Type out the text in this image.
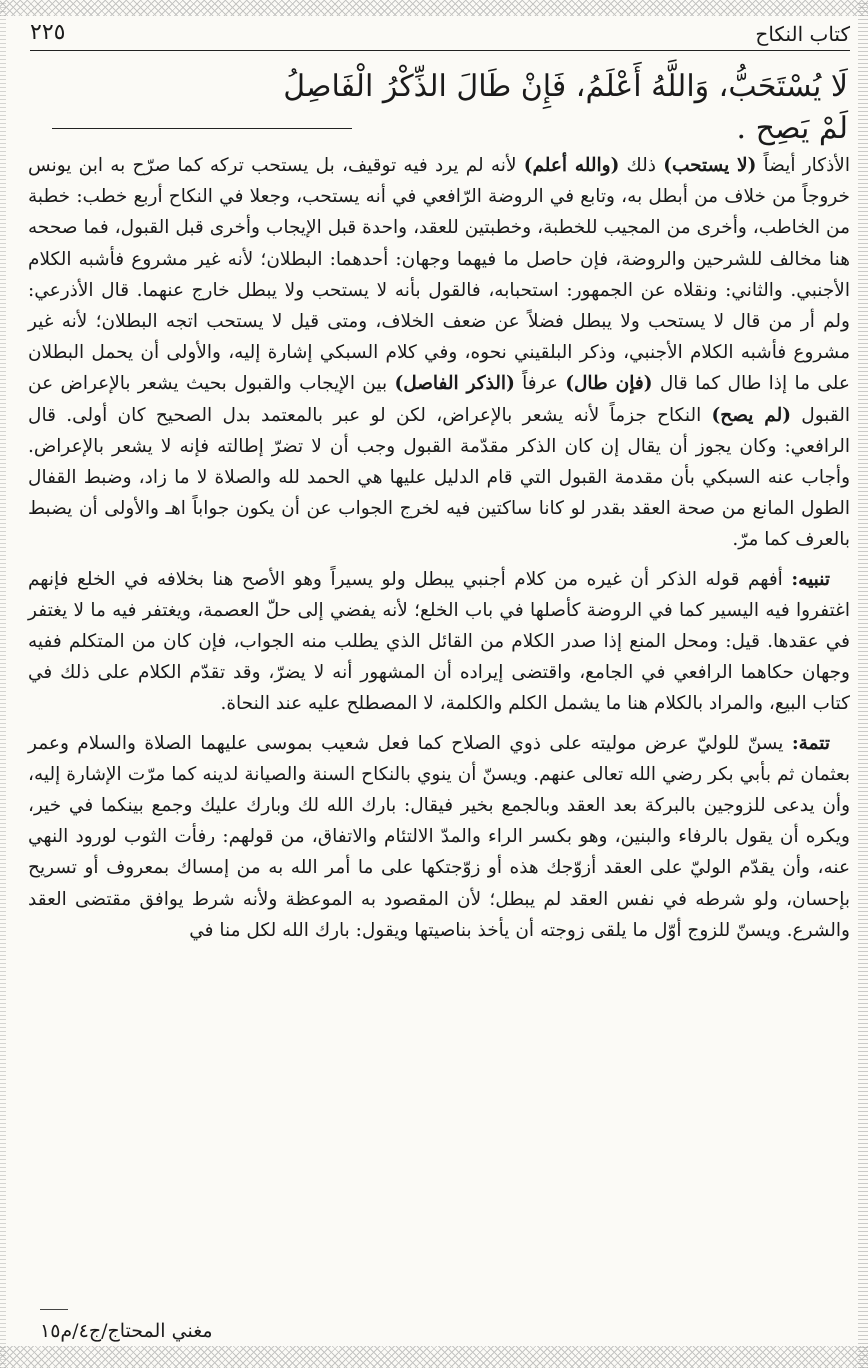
كتاب النكاح
٢٢٥
لَا يُسْتَحَبُّ، وَاللَّهُ أَعْلَمُ، فَإِنْ طَالَ الذِّكْرُ الْفَاصِلُ لَمْ يَصِح .

الأذكار أيضاً (لا يستحب) ذلك (والله أعلم) لأنه لم يرد فيه توقيف، بل يستحب تركه كما صرّح به ابن يونس خروجاً من خلاف من أبطل به، وتابع في الروضة الرّافعي في أنه يستحب، وجعلا في النكاح أربع خطب: خطبة من الخاطب، وأخرى من المجيب للخطبة، وخطبتين للعقد، واحدة قبل الإيجاب وأخرى قبل القبول، فما صححه هنا مخالف للشرحين والروضة، فإن حاصل ما فيهما وجهان: أحدهما: البطلان؛ لأنه غير مشروع فأشبه الكلام الأجنبي. والثاني: ونقلاه عن الجمهور: استحبابه، فالقول بأنه لا يستحب ولا يبطل خارج عنهما. قال الأذرعي: ولم أر من قال لا يستحب ولا يبطل فضلاً عن ضعف الخلاف، ومتى قيل لا يستحب اتجه البطلان؛ لأنه غير مشروع فأشبه الكلام الأجنبي، وذكر البلقيني نحوه، وفي كلام السبكي إشارة إليه، والأولى أن يحمل البطلان على ما إذا طال كما قال (فإن طال) عرفاً (الذكر الفاصل) بين الإيجاب والقبول بحيث يشعر بالإعراض عن القبول (لم يصح) النكاح جزماً لأنه يشعر بالإعراض، لكن لو عبر بالمعتمد بدل الصحيح كان أولى. قال الرافعي: وكان يجوز أن يقال إن كان الذكر مقدّمة القبول وجب أن لا تضرّ إطالته فإنه لا يشعر بالإعراض. وأجاب عنه السبكي بأن مقدمة القبول التي قام الدليل عليها هي الحمد لله والصلاة لا ما زاد، وضبط القفال الطول المانع من صحة العقد بقدر لو كانا ساكتين فيه لخرج الجواب عن أن يكون جواباً اهـ والأولى أن يضبط بالعرف كما مرّ.

تنبيه: أفهم قوله الذكر أن غيره من كلام أجنبي يبطل ولو يسيراً وهو الأصح هنا بخلافه في الخلع فإنهم اغتفروا فيه اليسير كما في الروضة كأصلها في باب الخلع؛ لأنه يفضي إلى حلّ العصمة، ويغتفر فيه ما لا يغتفر في عقدها. قيل: ومحل المنع إذا صدر الكلام من القائل الذي يطلب منه الجواب، فإن كان من المتكلم ففيه وجهان حكاهما الرافعي في الجامع، واقتضى إيراده أن المشهور أنه لا يضرّ، وقد تقدّم الكلام على ذلك في كتاب البيع، والمراد بالكلام هنا ما يشمل الكلم والكلمة، لا المصطلح عليه عند النحاة.

تتمة: يسنّ للوليّ عرض موليته على ذوي الصلاح كما فعل شعيب بموسى عليهما الصلاة والسلام وعمر بعثمان ثم بأبي بكر رضي الله تعالى عنهم. ويسنّ أن ينوي بالنكاح السنة والصيانة لدينه كما مرّت الإشارة إليه، وأن يدعى للزوجين بالبركة بعد العقد وبالجمع بخير فيقال: بارك الله لك وبارك عليك وجمع بينكما في خير، ويكره أن يقول بالرفاء والبنين، وهو بكسر الراء والمدّ الالتئام والاتفاق، من قولهم: رفأت الثوب لورود النهي عنه، وأن يقدّم الوليّ على العقد أزوّجك هذه أو زوّجتكها على ما أمر الله به من إمساك بمعروف أو تسريح بإحسان، ولو شرطه في نفس العقد لم يبطل؛ لأن المقصود به الموعظة ولأنه شرط يوافق مقتضى العقد والشرع. ويسنّ للزوج أوّل ما يلقى زوجته أن يأخذ بناصيتها ويقول: بارك الله لكل منا في

مغني المحتاج/ج٤/م١٥
